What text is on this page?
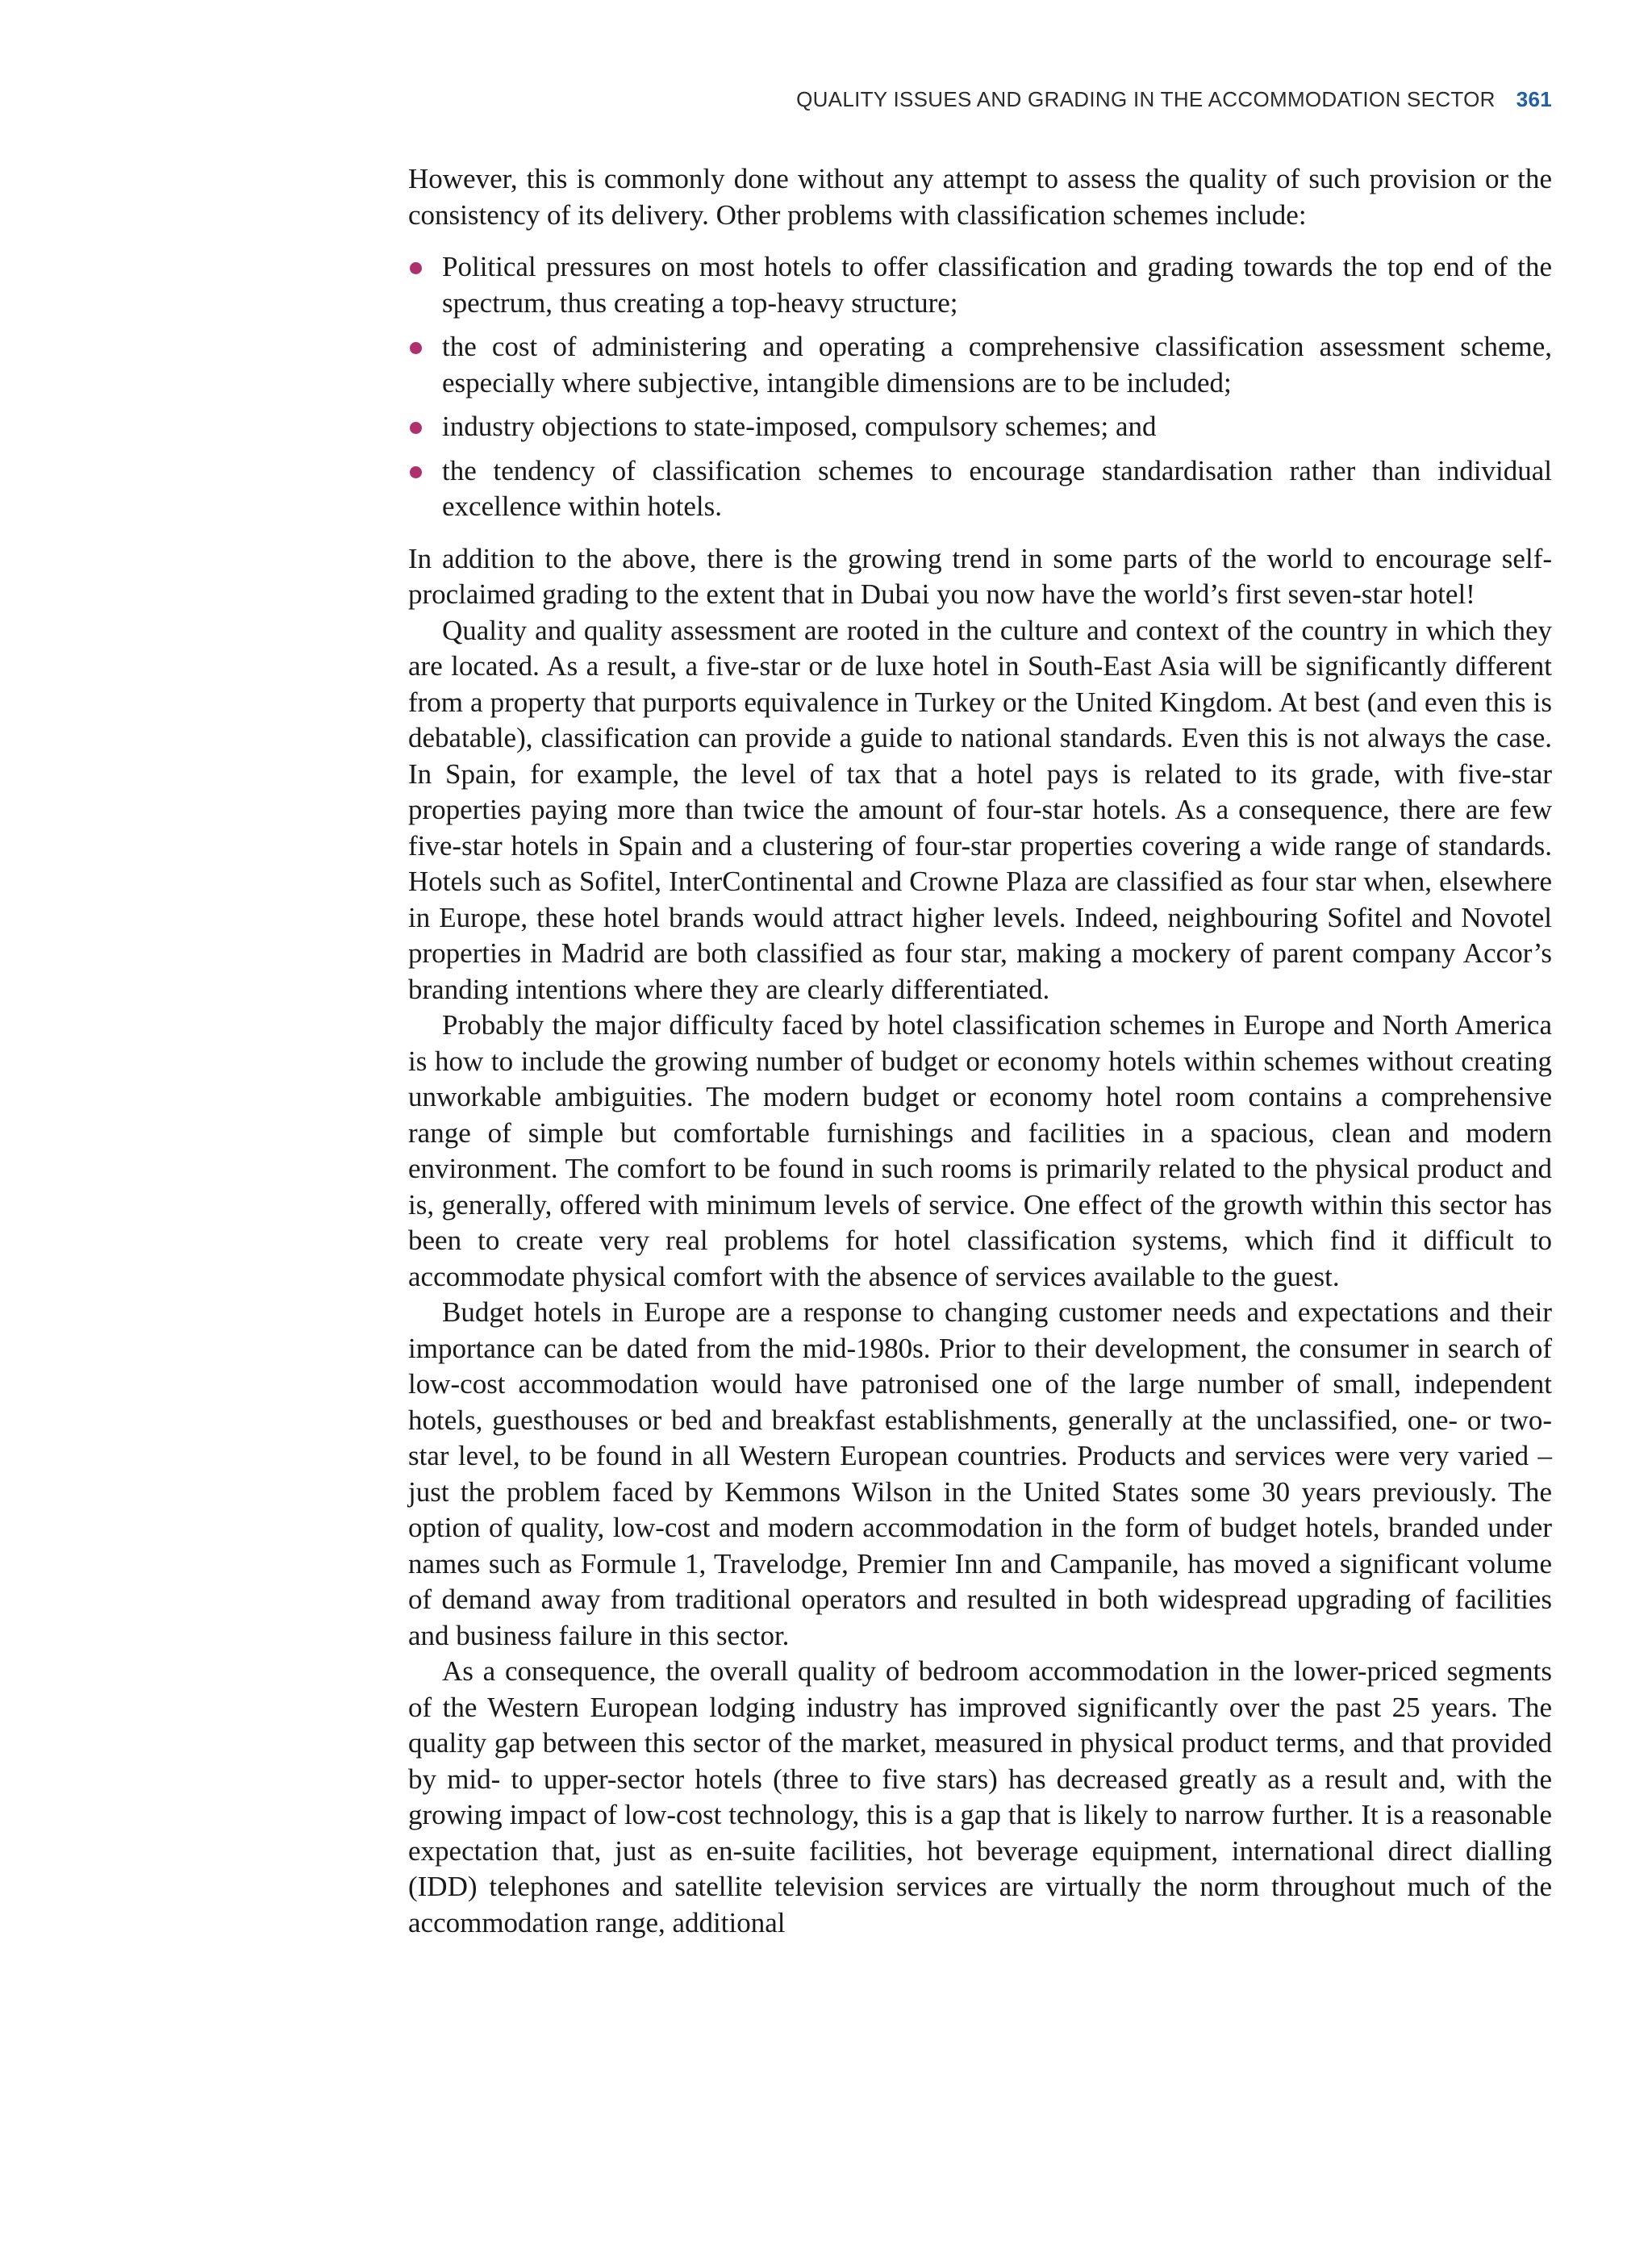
QUALITY ISSUES AND GRADING IN THE ACCOMMODATION SECTOR 361

However, this is commonly done without any attempt to assess the quality of such provision or the consistency of its delivery. Other problems with classification schemes include:

Political pressures on most hotels to offer classification and grading towards the top end of the spectrum, thus creating a top-heavy structure;
the cost of administering and operating a comprehensive classification assessment scheme, especially where subjective, intangible dimensions are to be included;
industry objections to state-imposed, compulsory schemes; and
the tendency of classification schemes to encourage standardisation rather than individual excellence within hotels.

In addition to the above, there is the growing trend in some parts of the world to encourage self-proclaimed grading to the extent that in Dubai you now have the world’s first seven-star hotel!

Quality and quality assessment are rooted in the culture and context of the country in which they are located. As a result, a five-star or de luxe hotel in South-East Asia will be significantly different from a property that purports equivalence in Turkey or the United Kingdom. At best (and even this is debatable), classification can provide a guide to national standards. Even this is not always the case. In Spain, for example, the level of tax that a hotel pays is related to its grade, with five-star properties paying more than twice the amount of four-star hotels. As a consequence, there are few five-star hotels in Spain and a clustering of four-star properties covering a wide range of standards. Hotels such as Sofitel, InterContinental and Crowne Plaza are classified as four star when, elsewhere in Europe, these hotel brands would attract higher levels. Indeed, neighbouring Sofitel and Novotel properties in Madrid are both classified as four star, making a mockery of parent company Accor’s branding intentions where they are clearly differentiated.

Probably the major difficulty faced by hotel classification schemes in Europe and North America is how to include the growing number of budget or economy hotels within schemes without creating unworkable ambiguities. The modern budget or economy hotel room contains a comprehensive range of simple but comfortable furnishings and facilities in a spacious, clean and modern environment. The comfort to be found in such rooms is primarily related to the physical product and is, generally, offered with minimum levels of service. One effect of the growth within this sector has been to create very real problems for hotel classification systems, which find it difficult to accommodate physical comfort with the absence of services available to the guest.

Budget hotels in Europe are a response to changing customer needs and expectations and their importance can be dated from the mid-1980s. Prior to their development, the consumer in search of low-cost accommodation would have patronised one of the large number of small, independent hotels, guesthouses or bed and breakfast establishments, generally at the unclassified, one- or two-star level, to be found in all Western European countries. Products and services were very varied – just the problem faced by Kemmons Wilson in the United States some 30 years previously. The option of quality, low-cost and modern accommodation in the form of budget hotels, branded under names such as Formule 1, Travelodge, Premier Inn and Campanile, has moved a significant volume of demand away from traditional operators and resulted in both widespread upgrading of facilities and business failure in this sector.

As a consequence, the overall quality of bedroom accommodation in the lower-priced segments of the Western European lodging industry has improved significantly over the past 25 years. The quality gap between this sector of the market, measured in physical product terms, and that provided by mid- to upper-sector hotels (three to five stars) has decreased greatly as a result and, with the growing impact of low-cost technology, this is a gap that is likely to narrow further. It is a reasonable expectation that, just as en-suite facilities, hot beverage equipment, international direct dialling (IDD) telephones and satellite television services are virtually the norm throughout much of the accommodation range, additional
